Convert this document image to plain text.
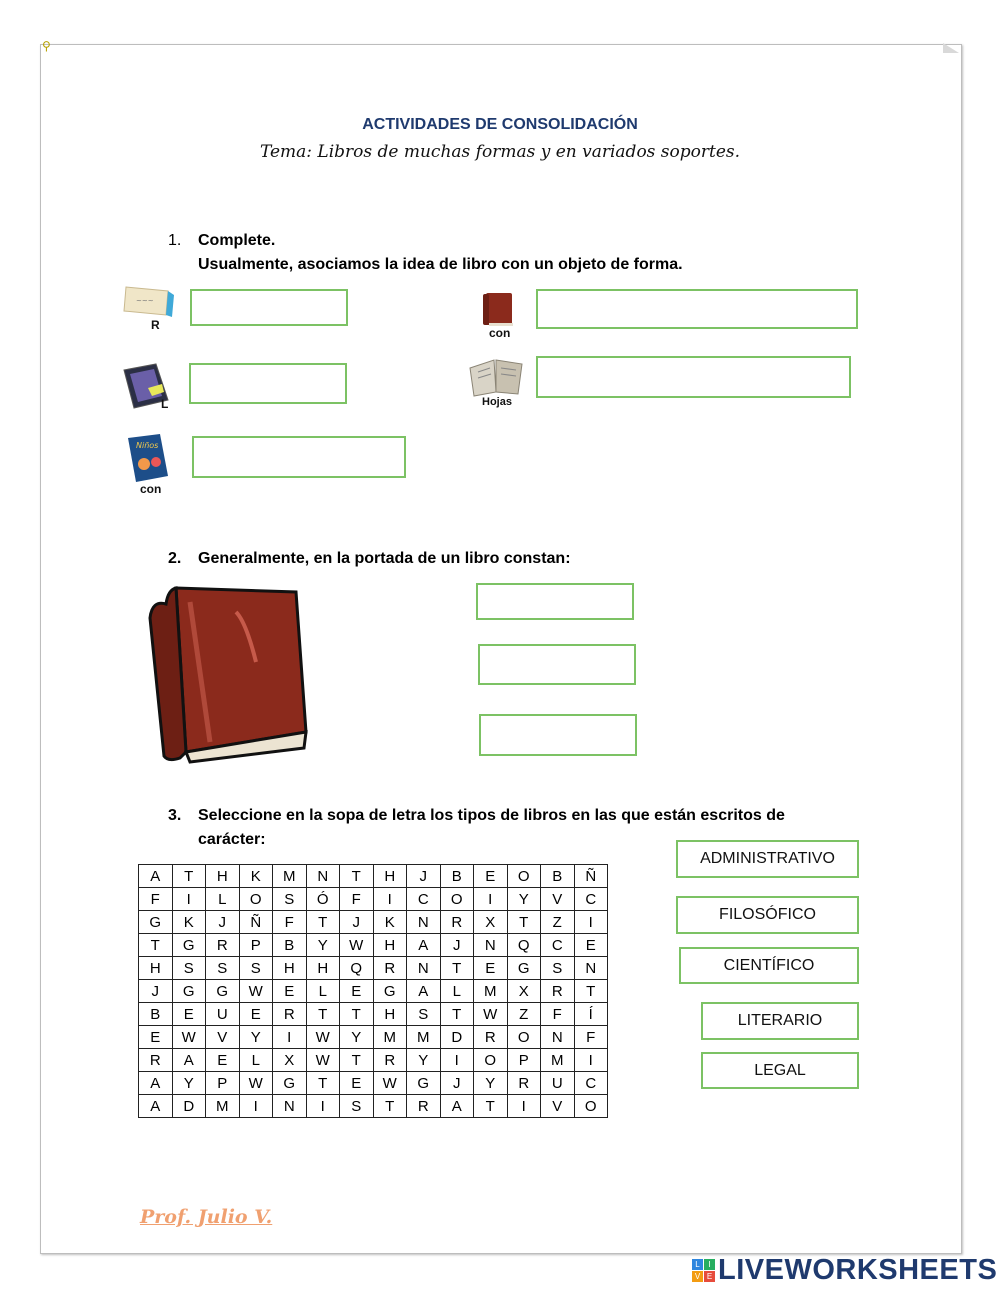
⚲
ACTIVIDADES DE CONSOLIDACIÓN
Tema: Libros de muchas formas y en variados soportes.
1. Complete.
Usualmente, asociamos la idea de libro con un objeto de forma.
~~~
R
con
L	Hojas
Niños
con
2. Generalmente, en la portada de un libro constan:
3. Seleccione en la sopa de letra los tipos de libros en las que están escritos de
carácter:
A	T	H	K	M	N	T	H	J	B	E	O	B	Ñ
F	I	L	O	S	Ó	F	I	C	O	I	Y	V	C
G	K	J	Ñ	F	T	J	K	N	R	X	T	Z	I
T	G	R	P	B	Y	W	H	A	J	N	Q	C	E
H	S	S	S	H	H	Q	R	N	T	E	G	S	N
J	G	G	W	E	L	E	G	A	L	M	X	R	T
B	E	U	E	R	T	T	H	S	T	W	Z	F	Í
E	W	V	Y	I	W	Y	M	M	D	R	O	N	F
R	A	E	L	X	W	T	R	Y	I	O	P	M	I
A	Y	P	W	G	T	E	W	G	J	Y	R	U	C
A	D	M	I	N	I	S	T	R	A	T	I	V	O
ADMINISTRATIVO
FILOSÓFICO
CIENTÍFICO
LITERARIO
LEGAL
Prof. Julio V.
L	I
V E LIVEWORKSHEETS
